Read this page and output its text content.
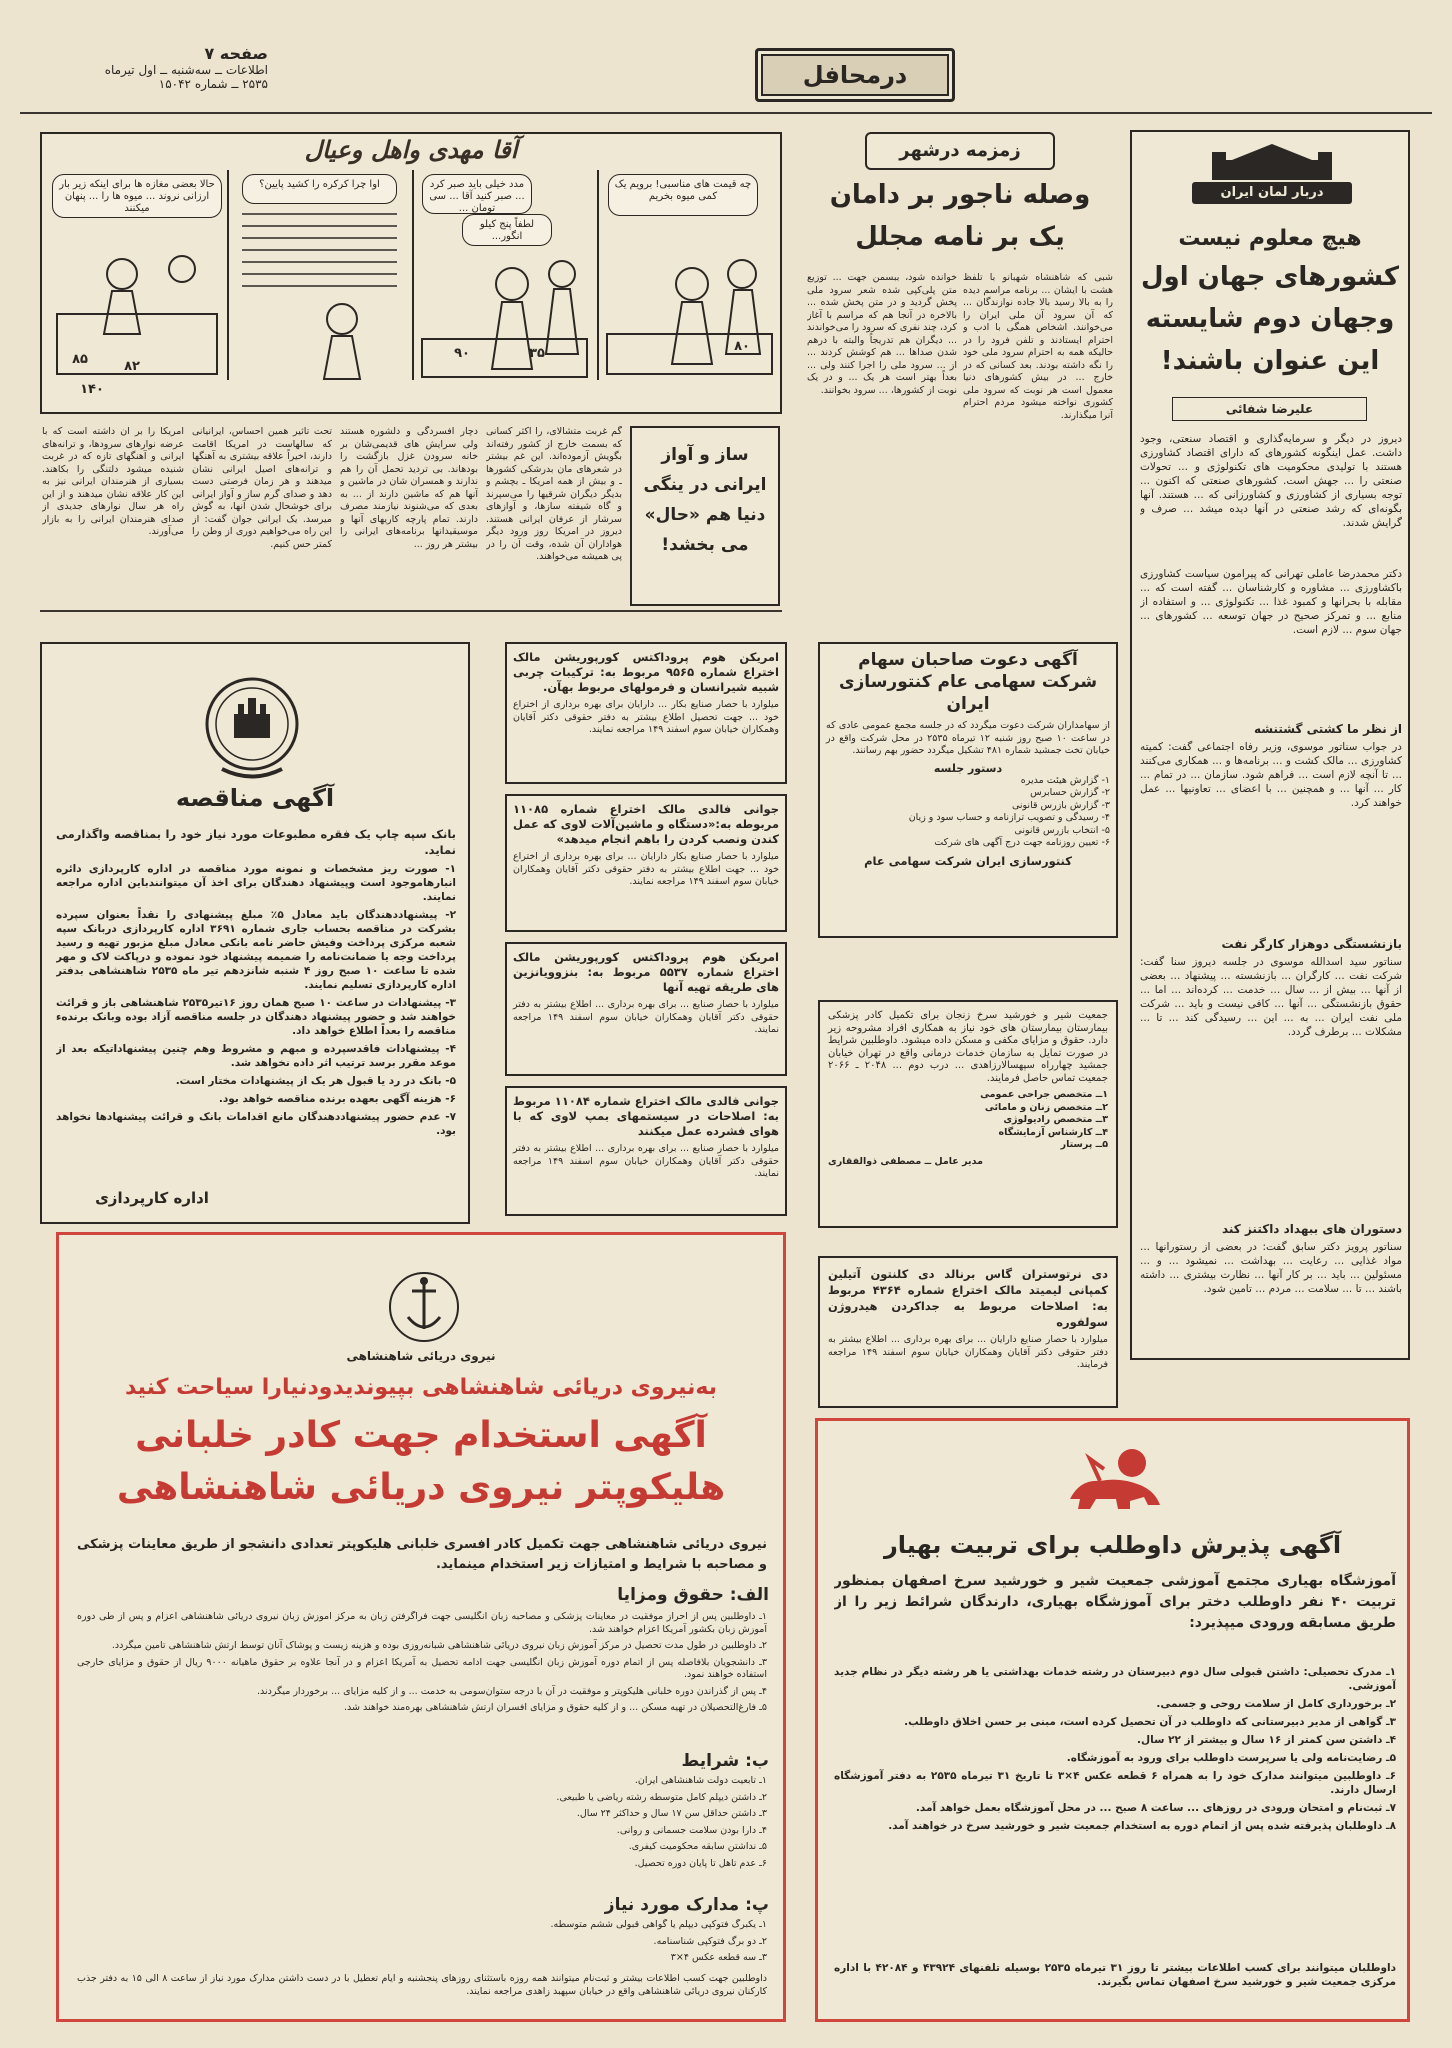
صفحه ۷
اطلاعات ــ سه‌شنبه ــ اول تیرماه
۲۵۳۵ ــ شماره ۱۵۰۴۲	درمحافل
آقا مهدی واهل وعیال
چه قیمت های مناسبی! برویم یک کمی میوه بخریم
لطفاً پنج کیلو انگور...
مدد خیلی باید صبر کرد ... صبر کنید آقا ... سی تومان ...
اوا چرا کرکره را کشید پایین؟
حالا بعضی مغازه ها برای اینکه زیر بار ارزانی نروند ... میوه ها را ... پنهان میکنند
۸۰
۸۵	۸۲
۱۴۰
۳۵
۹۰
ساز و آواز ایرانی در ینگی دنیا هم «حال» می بخشد!
گم غربت متشالای، را اکثر کسانی که بسمت خارج از کشور رفته‌اند بگویش آزموده‌اند. این غم بیشتر در شعرهای مان بدرشکی کشورها ـ و بیش از همه امریکا ـ بچشم و بدیگر دیگران شرقیها را می‌سپرند و گاه شیفته سازها، و آوازهای سرشار از عرفان ایرانی هستند. دیروز در امریکا روز ورود دیگر هواداران آن شده، وقت آن را در پی همیشه می‌خواهند.
دچار افسردگی و دلشوره هستند ولی سرایش های قدیمی‌شان بر خانه سرودن غزل بازگشت را بودهاند. بی تردید تحمل آن را هم ندارند و همسران شان در ماشین و آنها هم که ماشین دارند از ... به بعدی که می‌شنوند نیازمند مصرف دارند. تمام پارچه کاریهای آنها و موسیقیدانها برنامه‌های ایرانی را بیشتر هر روز ...
تحت تاثیر همین احساس، ایرانیانی که سالهاست در امریکا اقامت دارند، اخیراً علاقه بیشتری به آهنگها و ترانه‌های اصیل ایرانی نشان میدهند و هر زمان فرصتی دست دهد و صدای گرم ساز و آواز ایرانی برای خوشحال شدن آنها، به گوش میرسد. یک ایرانی جوان گفت: از این راه می‌خواهیم دوری از وطن را کمتر حس کنیم.
امریکا را بر آن داشته است که با عرضه نوارهای سرودها، و ترانه‌های ایرانی و آهنگهای تازه که در غربت شنیده میشود دلتنگی را بکاهند. بسیاری از هنرمندان ایرانی نیز به این کار علاقه نشان میدهند و از این راه هر سال نوارهای جدیدی از صدای هنرمندان ایرانی را به بازار می‌آورند.
زمزمه درشهر
وصله ناجور بر دامان
یک بر نامه مجلل
شبی که شاهنشاه شهبانو با تلفظ هشت با ایشان ... برنامه مراسم دیده را به بالا رسید بالا جاده نوازندگان ... که آن سرود آن ملی ایران را می‌خوانند. اشخاص همگی با ادب و احترام ایستادند و تلفن فرود را در حالیکه همه به احترام سرود ملی خود را نگه داشته بودند. بعد کسانی که در خارج ... در بیش کشورهای دنیا معمول است هر نوبت که سرود ملی کشوری نواخته میشود مردم احترام آنرا میگذارند.
خوانده شود، ببسمن جهت ... توزیع متن پلی‌کپی شده شعر سرود ملی پخش گردید و در متن پخش شده ... بالاخره در آنجا هم که مراسم با آغاز کرد، چند نفری که سرود را می‌خواندند ... دیگران هم تدریجاً والبته با درهم شدن صداها ... هم کوشش کردند ... از ... سرود ملی را اجرا کنند ولی ... بعداً بهتر است هر یک ... و در یک نوبت از کشورها، ... سرود بخوانند.
دربار لمان ایران
هیچ معلوم نیست
کشورهای جهان اول
وجهان دوم شایسته
این عنوان باشند!
علیرضا شفائی
دیروز در دیگر و سرمایه‌گذاری و اقتصاد سنعتی، وجود داشت. عمل اینگونه کشورهای که دارای اقتصاد کشاورزی هستند با تولیدی محکومیت های تکنولوژی و ... تحولات صنعتی را ... جهش است. کشورهای صنعتی که اکنون ... توجه بسیاری از کشاورزی و کشاورزانی که ... هستند. آنها بگونه‌ای که رشد صنعتی در آنها دیده میشد ... صرف و گرایش شدند.
دکتر محمدرضا عاملی تهرانی که پیرامون سیاست کشاورزی باکشاورزی ... مشاوره و کارشناسان ... گفته است که ... مقابله با بحرانها و کمبود غذا ... تکنولوژی ... و استفاده از منابع ... و تمرکز صحیح در جهان توسعه ... کشورهای ... جهان سوم ... لازم است.
از نظر ما کشتی گشتنشه
در جواب سناتور موسوی، وزیر رفاه اجتماعی گفت: کمیته کشاورزی ... مالک کشت و ... برنامه‌ها و ... همکاری می‌کنند ... تا آنچه لازم است ... فراهم شود. سازمان ... در تمام ... کار ... آنها ... و همچنین ... با اعضای ... تعاونیها ... عمل خواهند کرد.
بازنشستگی دوهزار کارگر نفت
سناتور سید اسدالله موسوی در جلسه دیروز سنا گفت: شرکت نفت ... کارگران ... بازنشسته ... پیشنهاد ... بعضی از آنها ... بیش از ... سال ... خدمت ... کرده‌اند ... اما ... حقوق بازنشستگی ... آنها ... کافی نیست و باید ... شرکت ملی نفت ایران ... به ... این ... رسیدگی کند ... تا ... مشکلات ... برطرف گردد.
دستوران های ببهداد داکتنز کند
سناتور پرویز دکتر سابق گفت: در بعضی از رستورانها ... مواد غذایی ... رعایت ... بهداشت ... نمیشود ... و ... مسئولین ... باید ... بر کار آنها ... نظارت بیشتری ... داشته باشند ... تا ... سلامت ... مردم ... تامین شود.
آگهی مناقصه
بانک سپه چاپ یک فقره مطبوعات مورد نیاز خود را بمناقصه واگذارمی نماید.
۱- صورت ریز مشخصات و نمونه مورد مناقصه در اداره کارپردازی دائره انبارهاموجود است وپیشنهاد دهندگان برای اخذ آن میتوانندباین اداره مراجعه نمایند.
۲- پیشنهاددهندگان باید معادل ۵٪ مبلغ پیشنهادی را نقداً بعنوان سپرده بشرکت در مناقصه بحساب جاری شماره ۳۶۹۱ اداره کارپردازی دربانک سپه شعبه مرکزی پرداخت وفیش حاضر نامه بانکی معادل مبلغ مزبور تهیه و رسید پرداخت وجه یا ضمانت‌نامه را ضمیمه پیشنهاد خود نموده و درپاکت لاک و مهر شده تا ساعت ۱۰ صبح روز ۴ شنبه شانزدهم تیر ماه ۲۵۳۵ شاهنشاهی بدفتر اداره کارپردازی تسلیم نمایند.
۳- پیشنهادات در ساعت ۱۰ صبح همان روز ۱۶تیر۲۵۳۵ شاهنشاهی باز و قرائت خواهند شد و حضور پیشنهاد دهندگان در جلسه مناقصه آزاد بوده وبانک برندهء مناقصه را بعداً اطلاع خواهد داد.
۴- پیشنهادات فاقدسپرده و مبهم و مشروط وهم چنین پیشنهاداتیکه بعد از موعد مقرر برسد ترتیب اثر داده نخواهد شد.
۵- بانک در رد یا قبول هر یک از پیشنهادات مختار است.
۶- هزینه آگهی بعهده برنده مناقصه خواهد بود.
۷- عدم حضور پیشنهاددهندگان مانع اقدامات بانک و قرائت پیشنهادها نخواهد بود.
اداره کارپردازی
امریکن هوم پروداکتس کورپوریشن مالک اختراع شماره ۹۵۶۵ مربوط به: ترکیبات چربی شبیه شیرانسان و فرمولهای مربوط بهآن.
میلوارد با حصار صنایع بکار ... دارایان برای بهره برداری از اختراع خود ... جهت تحصیل اطلاع بیشتر به دفتر حقوقی دکتر آقایان وهمکاران خیابان سوم اسفند ۱۴۹ مراجعه نمایند.
جوانی فالدی مالک اختراع شماره ۱۱۰۸۵ مربوطه به:«دستگاه و ماشین‌آلات لاوی که عمل کندن ونصب کردن را باهم انجام میدهد»
میلوارد با حصار صنایع بکار دارایان ... برای بهره برداری از اختراع خود ... جهت اطلاع بیشتر به دفتر حقوقی دکتر آقایان وهمکاران خیابان سوم اسفند ۱۴۹ مراجعه نمایند.
امریکن هوم پروداکتس کورپوریشن مالک اختراع شماره ۵۵۳۷ مربوط به: بنزوویانزین های طریقه تهیه آنها
میلوارد با حصار صنایع ... برای بهره برداری ... اطلاع بیشتر به دفتر حقوقی دکتر آقایان وهمکاران خیابان سوم اسفند ۱۴۹ مراجعه نمایند.
جوانی فالدی مالک اختراع شماره ۱۱۰۸۴ مربوط به: اصلاحات در سیستمهای بمپ لاوی که با هوای فشرده عمل میکنند
میلوارد با حصار صنایع ... برای بهره برداری ... اطلاع بیشتر به دفتر حقوقی دکتر آقایان وهمکاران خیابان سوم اسفند ۱۴۹ مراجعه نمایند.
آگهی دعوت صاحبان سهام
شرکت سهامی عام کنتورسازی
ایران
از سهامداران شرکت دعوت میگردد که در جلسه مجمع عمومی عادی که در ساعت ۱۰ صبح روز شنبه ۱۲ تیرماه ۲۵۳۵ در محل شرکت واقع در خیابان تخت جمشید شماره ۴۸۱ تشکیل میگردد حضور بهم رسانند.
دستور جلسه
۱- گزارش هیئت مدیره
۲- گزارش حسابرس
۳- گزارش بازرس قانونی
۴- رسیدگی و تصویب ترازنامه و حساب سود و زیان
۵- انتخاب بازرس قانونی
۶- تعیین روزنامه جهت درج آگهی های شرکت
کنتورسازی ایران شرکت سهامی عام
جمعیت شیر و خورشید سرخ زنجان برای تکمیل کادر پزشکی بیمارستان بیمارستان های خود نیاز به همکاری افراد مشروحه زیر دارد. حقوق و مزایای مکفی و مسکن داده میشود. داوطلبین شرایط در صورت تمایل به سازمان خدمات درمانی واقع در تهران خیابان جمشید چهارراه سپهسالارزاهدی ... درب دوم ... ۲۰۴۸ ـ ۲۰۶۶ جمعیت تماس حاصل فرمایند.
۱ــ متخصص جراحی عمومی
۲ــ متخصص زنان و مامائی
۳ــ متخصص رادیولوژی
۴ــ کارشناس آزمایشگاه
۵ــ پرستار
مدیر عامل ــ مصطفی ذوالفقاری
دی نرتوستران گاس برنالد دی کلنتون آتیلین کمپانی لیمیتد مالک اختراع شماره ۴۳۶۴ مربوط به: اصلاحات مربوط به جداکردن هیدروژن سولفوره
میلوارد با حصار صنایع دارایان ... برای بهره برداری ... اطلاع بیشتر به دفتر حقوقی دکتر آقایان وهمکاران خیابان سوم اسفند ۱۴۹ مراجعه فرمایند.
نیروی دریائی شاهنشاهی
به‌نیروی دریائی شاهنشاهی بپیوندیدودنیارا سیاحت کنید
آگهی استخدام جهت کادر خلبانی
هلیکوپتر نیروی دریائی شاهنشاهی
نیروی دریائی شاهنشاهی جهت تکمیل کادر افسری خلبانی هلیکوپتر تعدادی دانشجو از طریق معاینات پزشکی و مصاحبه با شرایط و امتیازات زیر استخدام مینماید.
الف: حقوق ومزایا
۱ـ داوطلبین پس از احراز موفقیت در معاینات پزشکی و مصاحبه زبان انگلیسی جهت فراگرفتن زبان به مرکز آموزش زبان نیروی دریائی شاهنشاهی اعزام و پس از طی دوره آموزش زبان بکشور آمریکا اعزام خواهند شد.
۲ـ داوطلبین در طول مدت تحصیل در مرکز آموزش زبان نیروی دریائی شاهنشاهی شبانه‌روزی بوده و هزینه زیست و پوشاک آنان توسط ارتش شاهنشاهی تامین میگردد.
۳ـ دانشجویان بلافاصله پس از اتمام دوره آموزش زبان انگلیسی جهت ادامه تحصیل به آمریکا اعزام و در آنجا علاوه بر حقوق ماهیانه ۹۰۰۰ ریال از حقوق و مزایای خارجی استفاده خواهند نمود.
۴ـ پس از گذراندن دوره خلبانی هلیکوپتر و موفقیت در آن با درجه ستوان‌سومی به خدمت ... و از کلیه مزایای ... برخوردار میگردند.
۵ـ فارغ‌التحصیلان در تهیه مسکن ... و از کلیه حقوق و مزایای افسران ارتش شاهنشاهی بهره‌مند خواهند شد.
ب: شرایط
۱ـ تابعیت دولت شاهنشاهی ایران.
۲ـ داشتن دیپلم کامل متوسطه رشته ریاضی یا طبیعی.
۳ـ داشتن حداقل سن ۱۷ سال و حداکثر ۲۴ سال.
۴ـ دارا بودن سلامت جسمانی و روانی.
۵ـ نداشتن سابقه محکومیت کیفری.
۶ـ عدم تاهل تا پایان دوره تحصیل.
پ: مدارک مورد نیاز
۱ـ یکبرگ فتوکپی دیپلم یا گواهی قبولی ششم متوسطه.
۲ـ دو برگ فتوکپی شناسنامه.
۳ـ سه قطعه عکس ۴×۳
داوطلبین جهت کسب اطلاعات بیشتر و ثبت‌نام میتوانند همه روزه باستثنای روزهای پنجشنبه و ایام تعطیل با در دست داشتن مدارک مورد نیاز از ساعت ۸ الی ۱۵ به دفتر جذب کارکنان نیروی دریائی شاهنشاهی واقع در خیابان سپهبد زاهدی مراجعه نمایند.
آگهی پذیرش داوطلب برای تربیت بهیار
آموزشگاه بهیاری مجتمع آموزشی جمعیت شیر و خورشید سرخ اصفهان بمنظور تربیت ۴۰ نفر داوطلب دختر برای آموزشگاه بهیاری، دارندگان شرائط زیر را از طریق مسابقه ورودی میپذیرد:
۱ـ مدرک تحصیلی: داشتن قبولی سال دوم دبیرستان در رشته خدمات بهداشتی یا هر رشته دیگر در نظام جدید آموزشی.
۲ـ برخورداری کامل از سلامت روحی و جسمی.
۳ـ گواهی از مدیر دبیرستانی که داوطلب در آن تحصیل کرده است، مبنی بر حسن اخلاق داوطلب.
۴ـ داشتن سن کمتر از ۱۶ سال و بیشتر از ۲۲ سال.
۵ـ رضایت‌نامه ولی یا سرپرست داوطلب برای ورود به آموزشگاه.
۶ـ داوطلبین میتوانند مدارک خود را به همراه ۶ قطعه عکس ۴×۳ تا تاریخ ۳۱ تیرماه ۲۵۳۵ به دفتر آموزشگاه ارسال دارند.
۷ـ ثبت‌نام و امتحان ورودی در روزهای ... ساعت ۸ صبح ... در محل آموزشگاه بعمل خواهد آمد.
۸ـ داوطلبان پذیرفته شده پس از اتمام دوره به استخدام جمعیت شیر و خورشید سرخ در خواهند آمد.
داوطلبان میتوانند برای کسب اطلاعات بیشتر تا روز ۳۱ تیرماه ۲۵۳۵ بوسیله تلفنهای ۴۳۹۲۴ و ۴۲۰۸۴ با اداره مرکزی جمعیت شیر و خورشید سرخ اصفهان تماس بگیرند.
